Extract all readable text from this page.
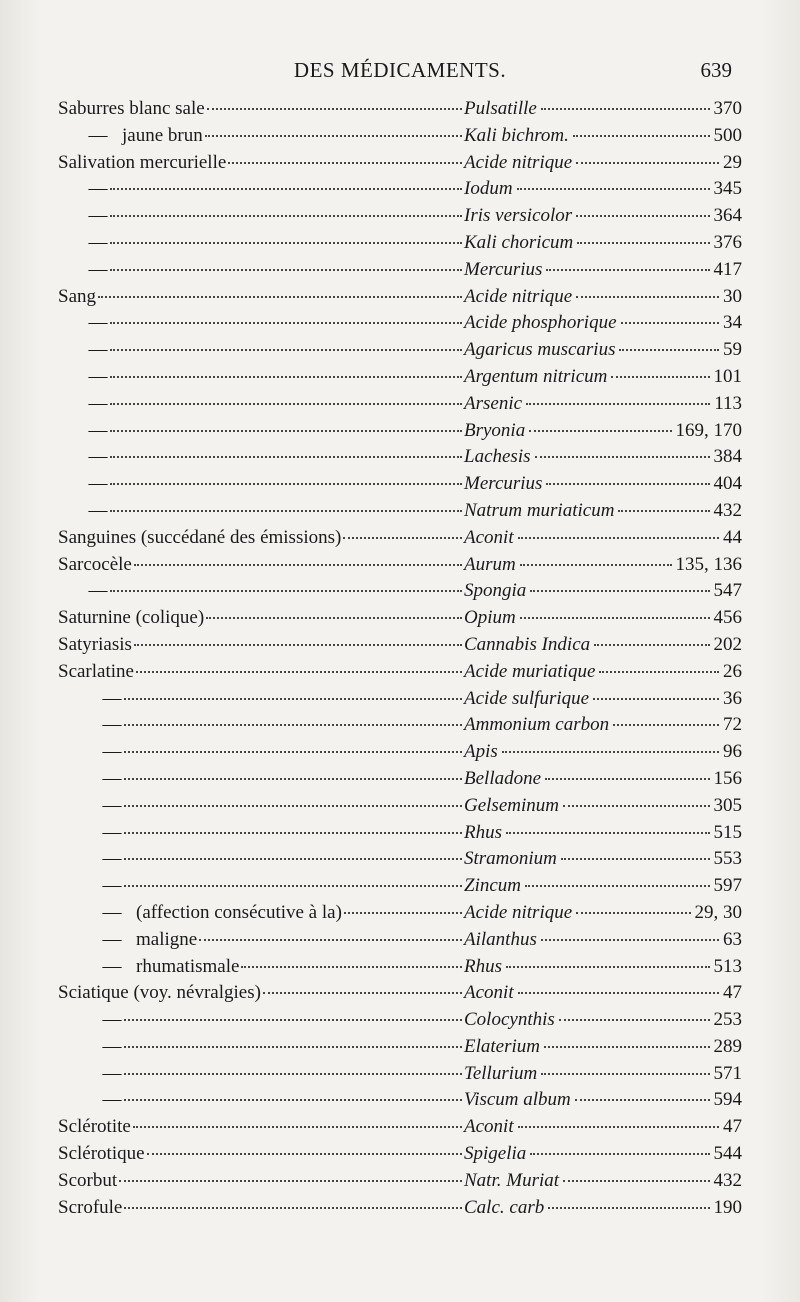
DES MÉDICAMENTS.	639
Saburres blanc sale	Pulsatille	370
— jaune brun	Kali bichrom.	500
Salivation mercurielle	Acide nitrique	29
—	Iodum	345
—	Iris versicolor	364
—	Kali choricum	376
—	Mercurius	417
Sang	Acide nitrique	30
—	Acide phosphorique	34
—	Agaricus muscarius	59
—	Argentum nitricum	101
—	Arsenic	113
—	Bryonia	169, 170
—	Lachesis	384
—	Mercurius	404
—	Natrum muriaticum	432
Sanguines (succédané des émissions)	Aconit	44
Sarcocèle	Aurum	135, 136
—	Spongia	547
Saturnine (colique)	Opium	456
Satyriasis	Cannabis Indica	202
Scarlatine	Acide muriatique	26
—	Acide sulfurique	36
—	Ammonium carbon	72
—	Apis	96
—	Belladone	156
—	Gelseminum	305
—	Rhus	515
—	Stramonium	553
—	Zincum	597
— (affection consécutive à la)	Acide nitrique	29, 30
— maligne	Ailanthus	63
— rhumatismale	Rhus	513
Sciatique (voy. névralgies)	Aconit	47
—	Colocynthis	253
—	Elaterium	289
—	Tellurium	571
—	Viscum album	594
Sclérotite	Aconit	47
Sclérotique	Spigelia	544
Scorbut	Natr. Muriat	432
Scrofule	Calc. carb	190
